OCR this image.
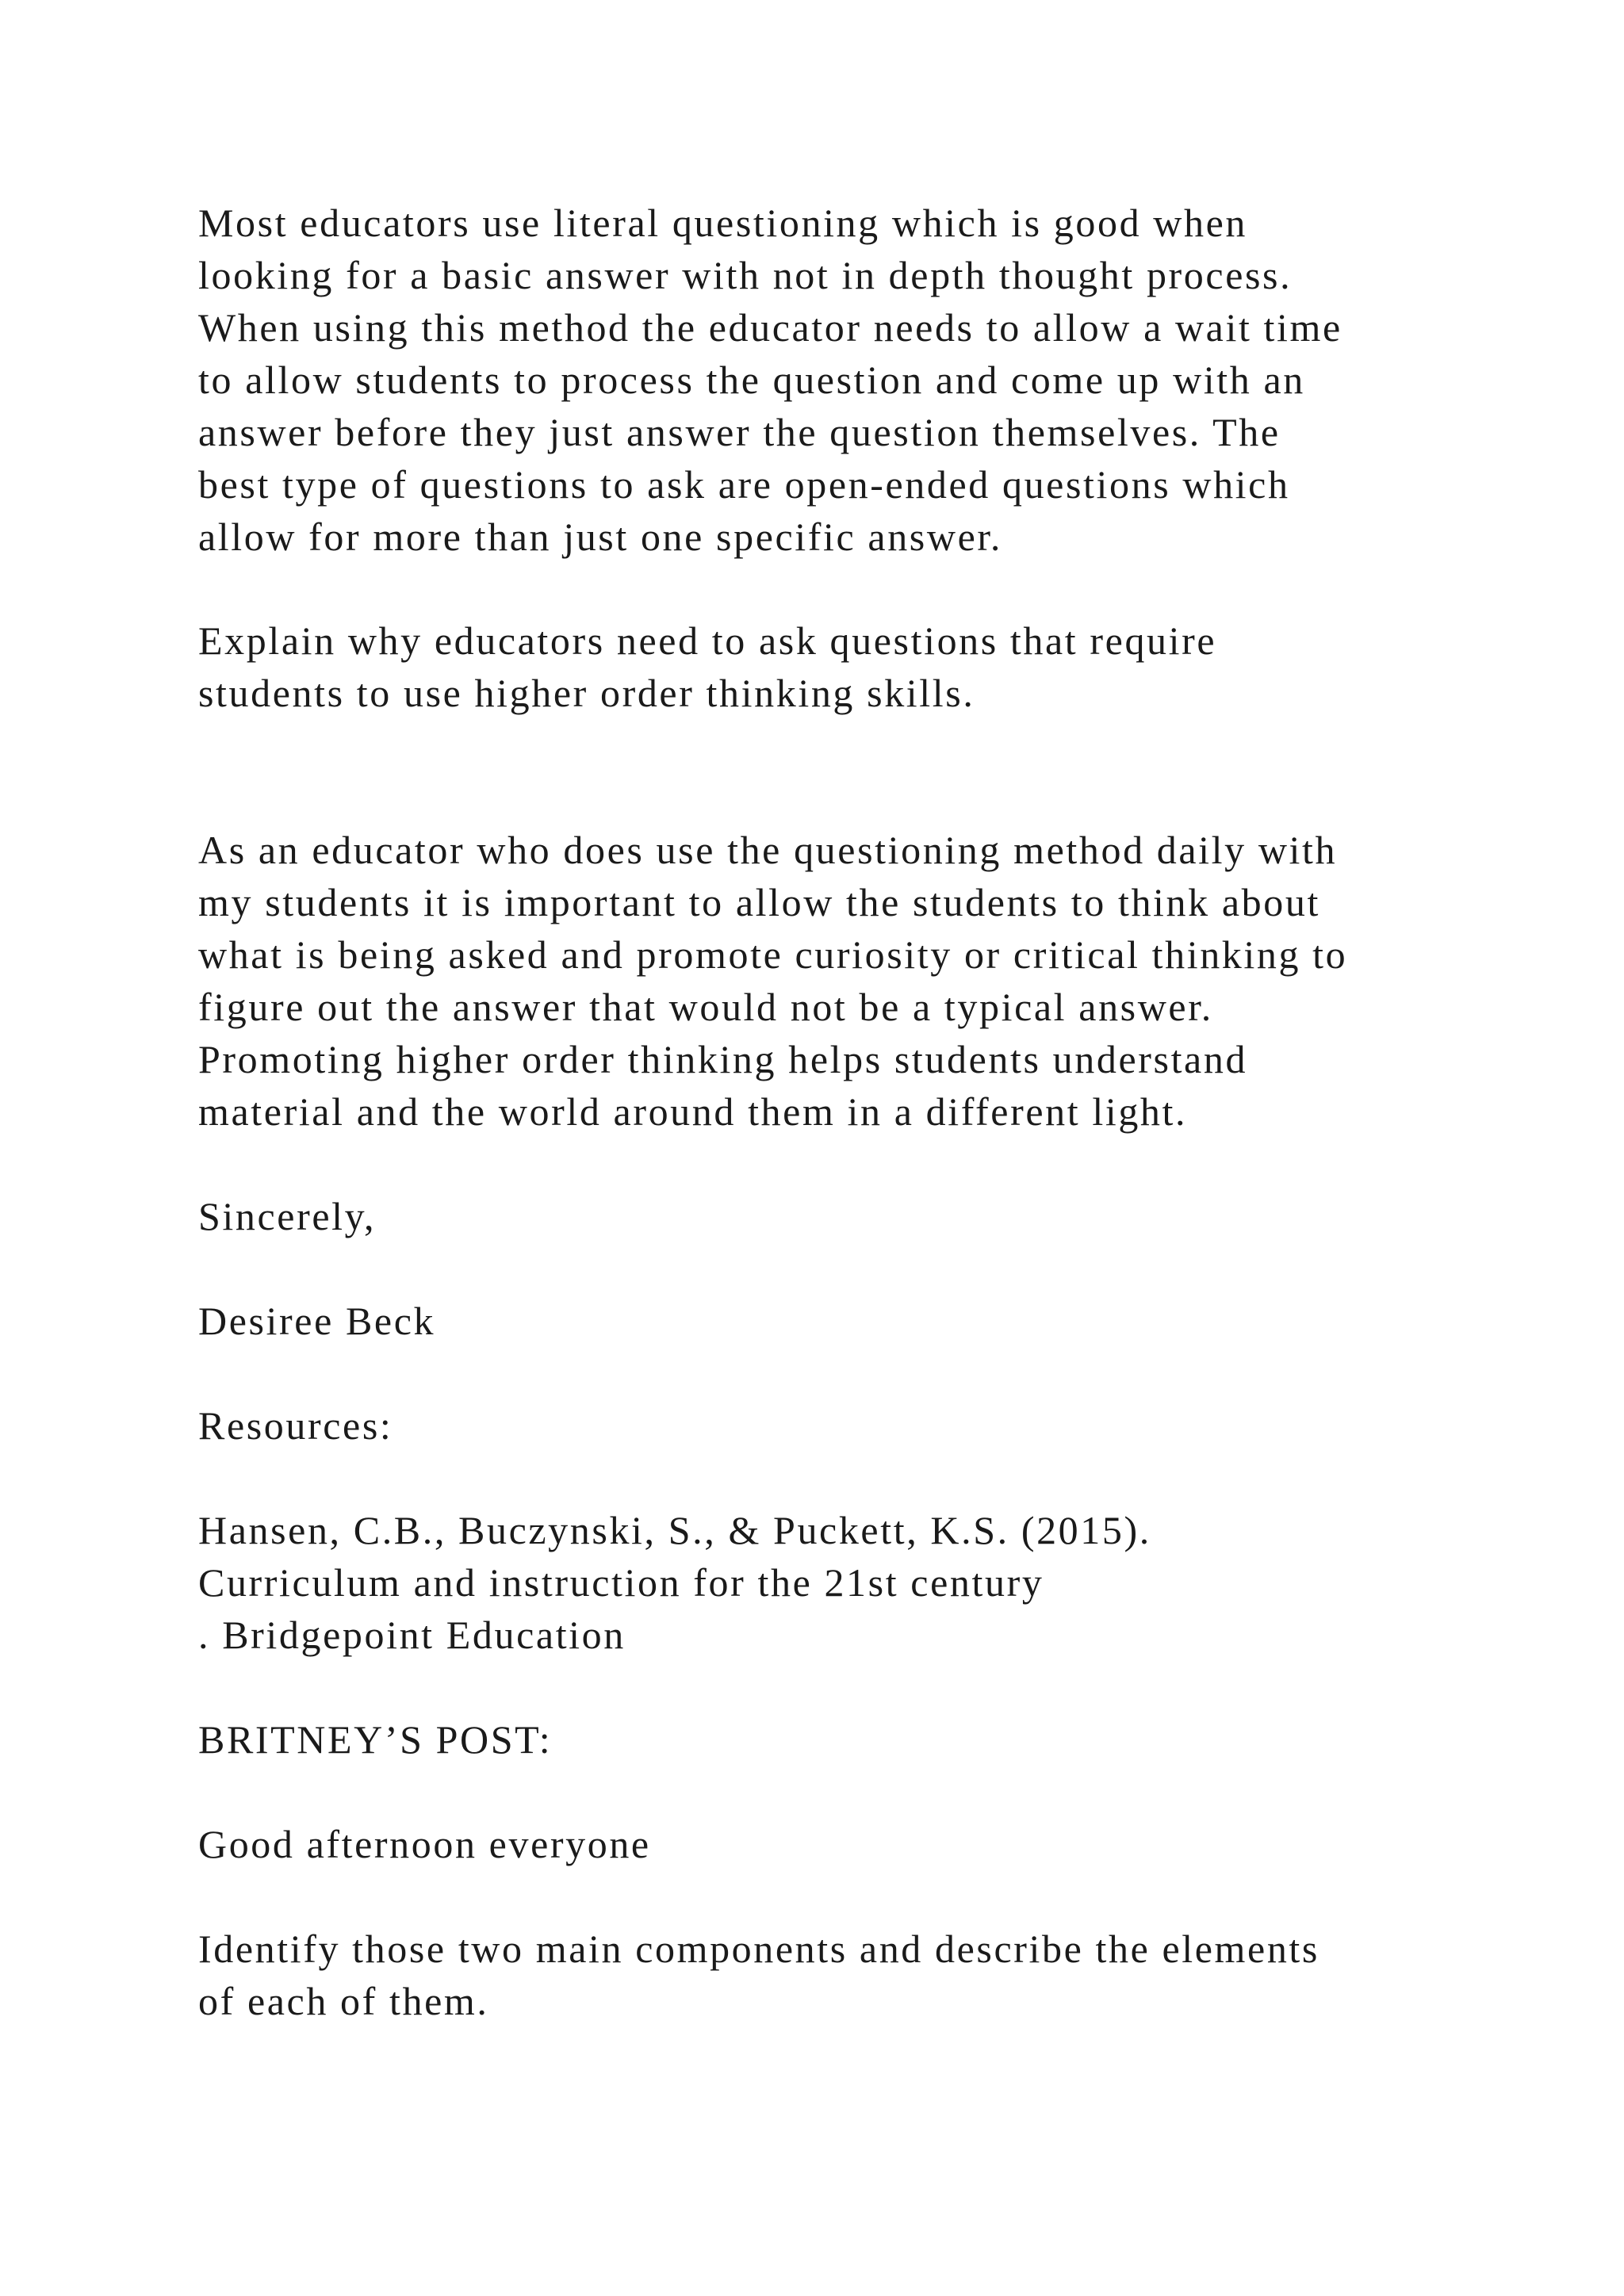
Most educators use literal questioning which is good when
looking for a basic answer with not in depth thought process.
When using this method the educator needs to allow a wait time
to allow students to process the question and come up with an
answer before they just answer the question themselves. The
best type of questions to ask are open-ended questions which
allow for more than just one specific answer.

Explain why educators need to ask questions that require
students to use higher order thinking skills.

As an educator who does use the questioning method daily with
my students it is important to allow the students to think about
what is being asked and promote curiosity or critical thinking to
figure out the answer that would not be a typical answer.
Promoting higher order thinking helps students understand
material and the world around them in a different light.

Sincerely,

Desiree Beck

Resources:

Hansen, C.B., Buczynski, S., & Puckett, K.S. (2015).
Curriculum and instruction for the 21st century
. Bridgepoint Education

BRITNEY’S POST:

Good afternoon everyone

Identify those two main components and describe the elements
of each of them.
